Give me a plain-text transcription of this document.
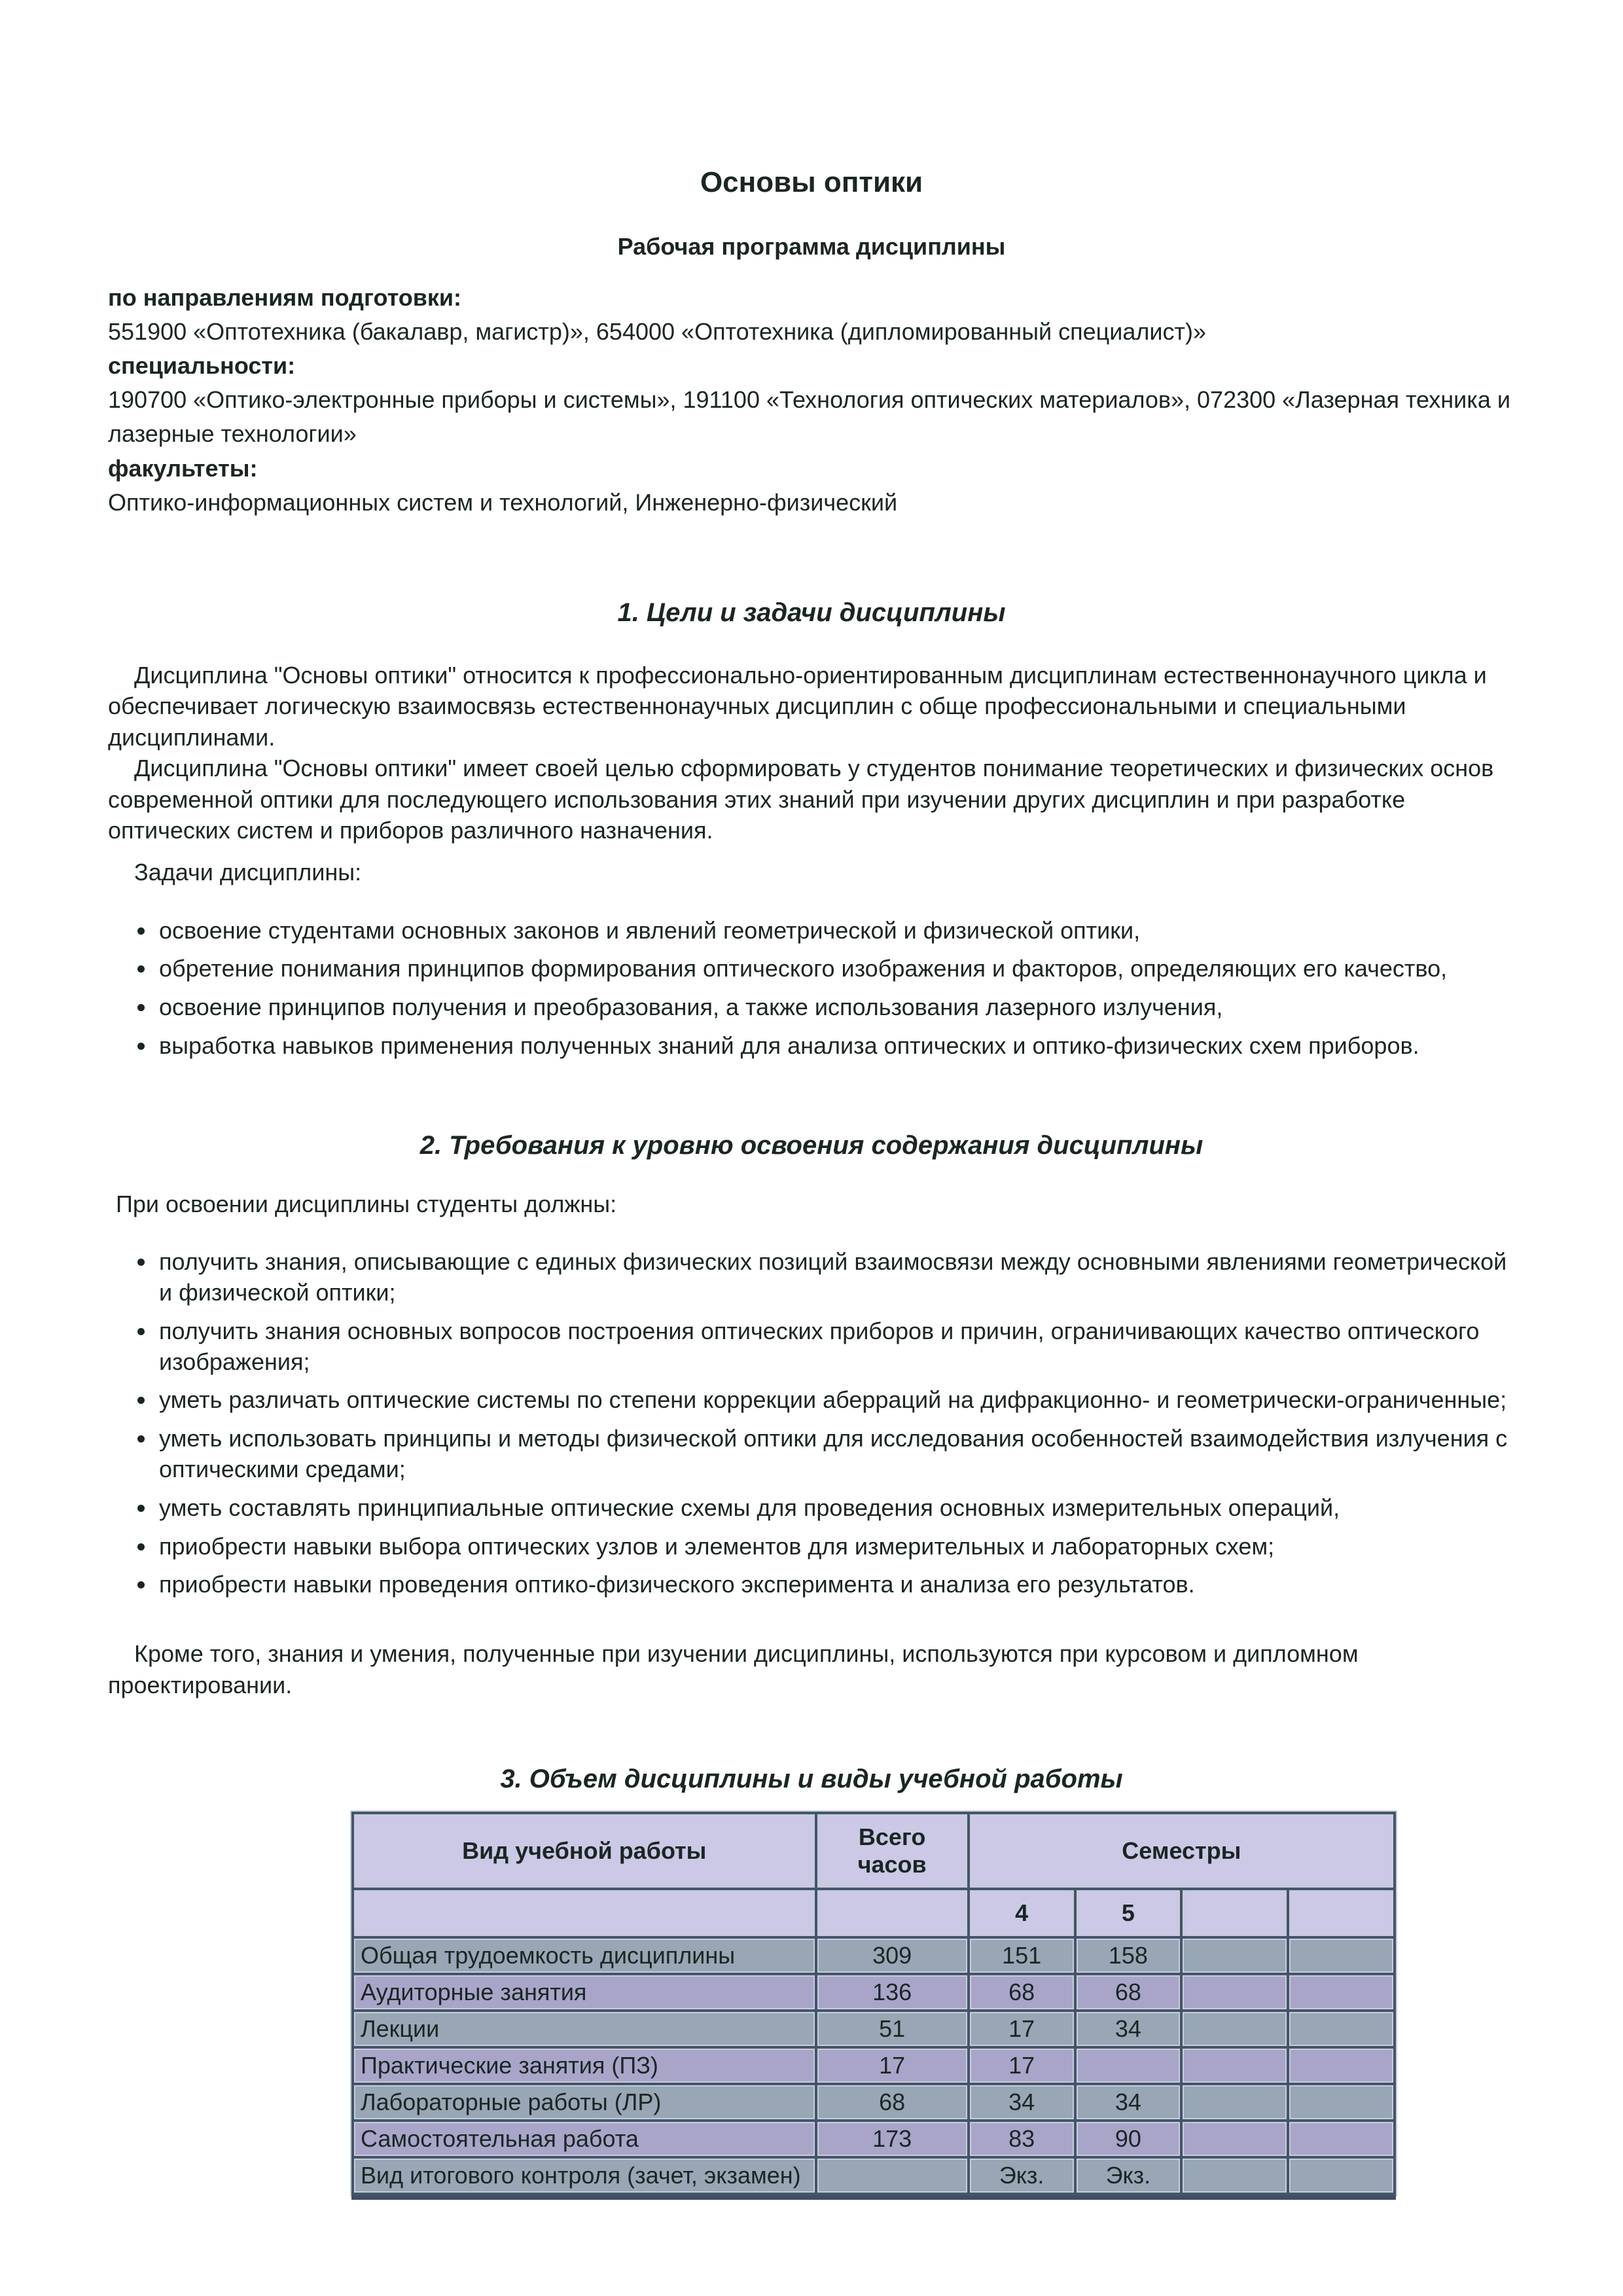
Основы оптики
Рабочая программа дисциплины

по направлениям подготовки:

551900 «Оптотехника (бакалавр, магистр)», 654000 «Оптотехника (дипломированный специалист)»

специальности:

190700 «Оптико-электронные приборы и системы», 191100 «Технология оптических материалов», 072300 «Лазерная техника и лазерные технологии»

факультеты:

Оптико-информационных систем и технологий, Инженерно-физический

1. Цели и задачи дисциплины

Дисциплина "Основы оптики" относится к профессионально-ориентированным дисциплинам естественнонаучного цикла и обеспечивает логическую взаимосвязь естественнонаучных дисциплин с обще профессиональными и специальными дисциплинами.

Дисциплина "Основы оптики" имеет своей целью сформировать у студентов понимание теоретических и физических основ современной оптики для последующего использования этих знаний при изучении других дисциплин и при разработке оптических систем и приборов различного назначения.

Задачи дисциплины:

• освоение студентами основных законов и явлений геометрической и физической оптики,
• обретение понимания принципов формирования оптического изображения и факторов, определяющих его качество,
• освоение принципов получения и преобразования, а также использования лазерного излучения,
• выработка навыков применения полученных знаний для анализа оптических и оптико-физических схем приборов.
2. Требования к уровню освоения содержания дисциплины

При освоении дисциплины студенты должны:

• получить знания, описывающие с единых физических позиций взаимосвязи между основными явлениями геометрической и физической оптики;
• получить знания основных вопросов построения оптических приборов и причин, ограничивающих качество оптического изображения;
• уметь различать оптические системы по степени коррекции аберраций на дифракционно- и геометрически-ограниченные;
• уметь использовать принципы и методы физической оптики для исследования особенностей взаимодействия излучения с оптическими средами;
• уметь составлять принципиальные оптические схемы для проведения основных измерительных операций,
• приобрести навыки выбора оптических узлов и элементов для измерительных и лабораторных схем;
• приобрести навыки проведения оптико-физического эксперимента и анализа его результатов.

Кроме того, знания и умения, полученные при изучении дисциплины, используются при курсовом и дипломном проектировании.

3. Объем дисциплины и виды учебной работы
Вид учебной работы	Всего часов	Семестры			
		4	5		
Общая трудоемкость дисциплины	309	151	158		
Аудиторные занятия	136	68	68		
Лекции	51	17	34		
Практические занятия (ПЗ)	17	17			
Лабораторные работы (ЛР)	68	34	34		
Самостоятельная работа	173	83	90		
Вид итогового контроля (зачет, экзамен)		Экз.	Экз.		
